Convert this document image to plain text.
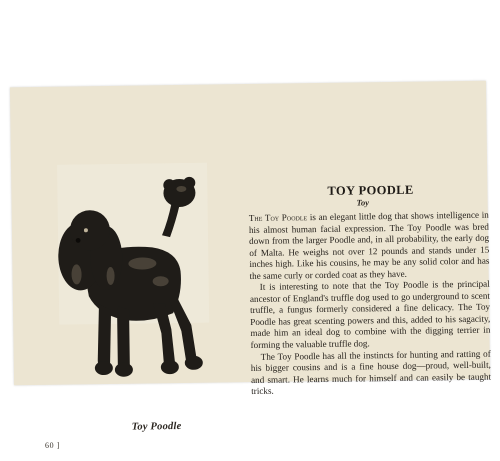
Toy Poodle
60 ]
TOY POODLE
Toy

The Toy Poodle is an elegant little dog that shows intelligence in his almost human facial expression. The Toy Poodle was bred down from the larger Poodle and, in all probability, the early dog of Malta. He weighs not over 12 pounds and stands under 15 inches high. Like his cousins, he may be any solid color and has the same curly or corded coat as they have.

It is interesting to note that the Toy Poodle is the principal ancestor of England's truffle dog used to go underground to scent truffle, a fungus formerly considered a fine delicacy. The Toy Poodle has great scenting powers and this, added to his sagacity, made him an ideal dog to combine with the digging terrier in forming the valuable truffle dog.

The Toy Poodle has all the instincts for hunting and ratting of his bigger cousins and is a fine house dog—proud, well-built, and smart. He learns much for himself and can easily be taught tricks.
